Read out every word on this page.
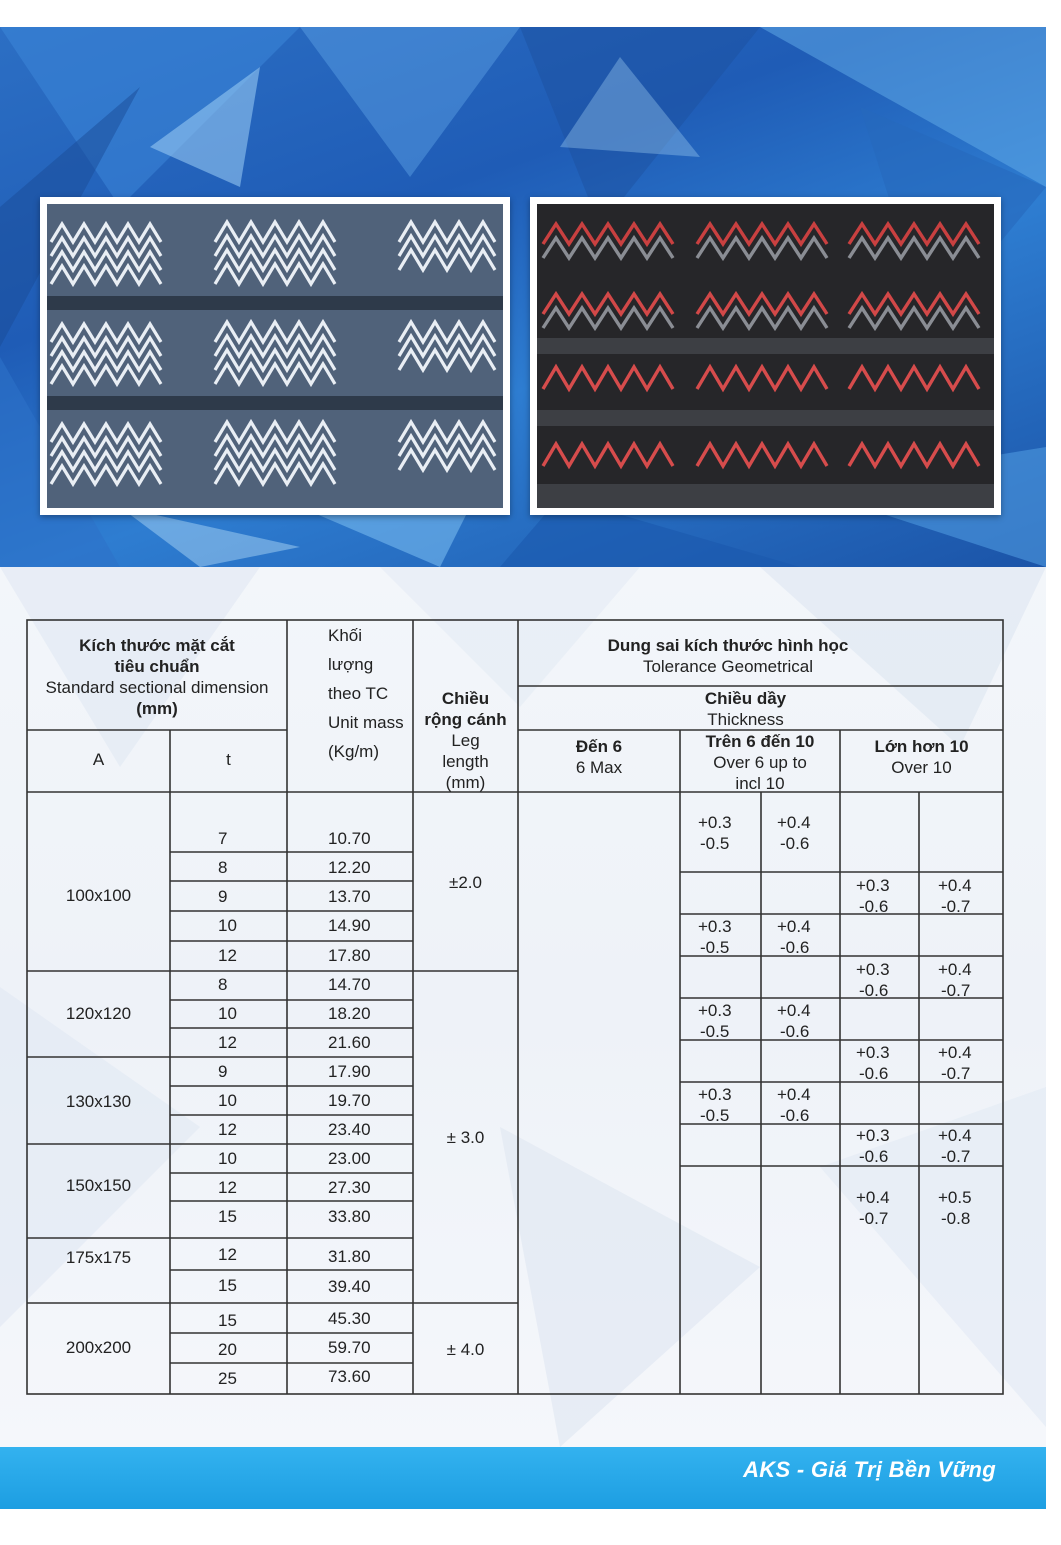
Kích thước mặt cắt
tiêu chuẩn
Standard sectional dimension
(mm)
A	t
Khối
lượng
theo TC
Unit mass
(Kg/m)
Chiều
rộng cánh
Leg
length
(mm)
Dung sai kích thước hình học
Tolerance Geometrical
Chiều dầy
Thickness
Đến 6
6 Max
Trên 6 đến 10
Over 6 up to
incl 10
Lớn hơn 10
Over 10
100x100
120x120
130x130
150x150
175x175
200x200
7
8
9
10
12
8
10
12
9
10
12
10
12
15
12
15
15
20
25
10.70
12.20
13.70
14.90
17.80
14.70
18.20
21.60
17.90
19.70
23.40
23.00
27.30
33.80
31.80
39.40
45.30
59.70
73.60
±2.0
± 3.0
± 4.0
+0.3
-0.5
+0.4
-0.6
+0.3
-0.5
+0.4
-0.6
+0.3
-0.5
+0.4
-0.6
+0.3
-0.5
+0.4
-0.6
+0.3
-0.6
+0.4
-0.7
+0.3
-0.6
+0.4
-0.7
+0.3
-0.6
+0.4
-0.7
+0.3
-0.6
+0.4
-0.7
+0.4
-0.7
+0.5
-0.8
AKS - Giá Trị Bền Vững
